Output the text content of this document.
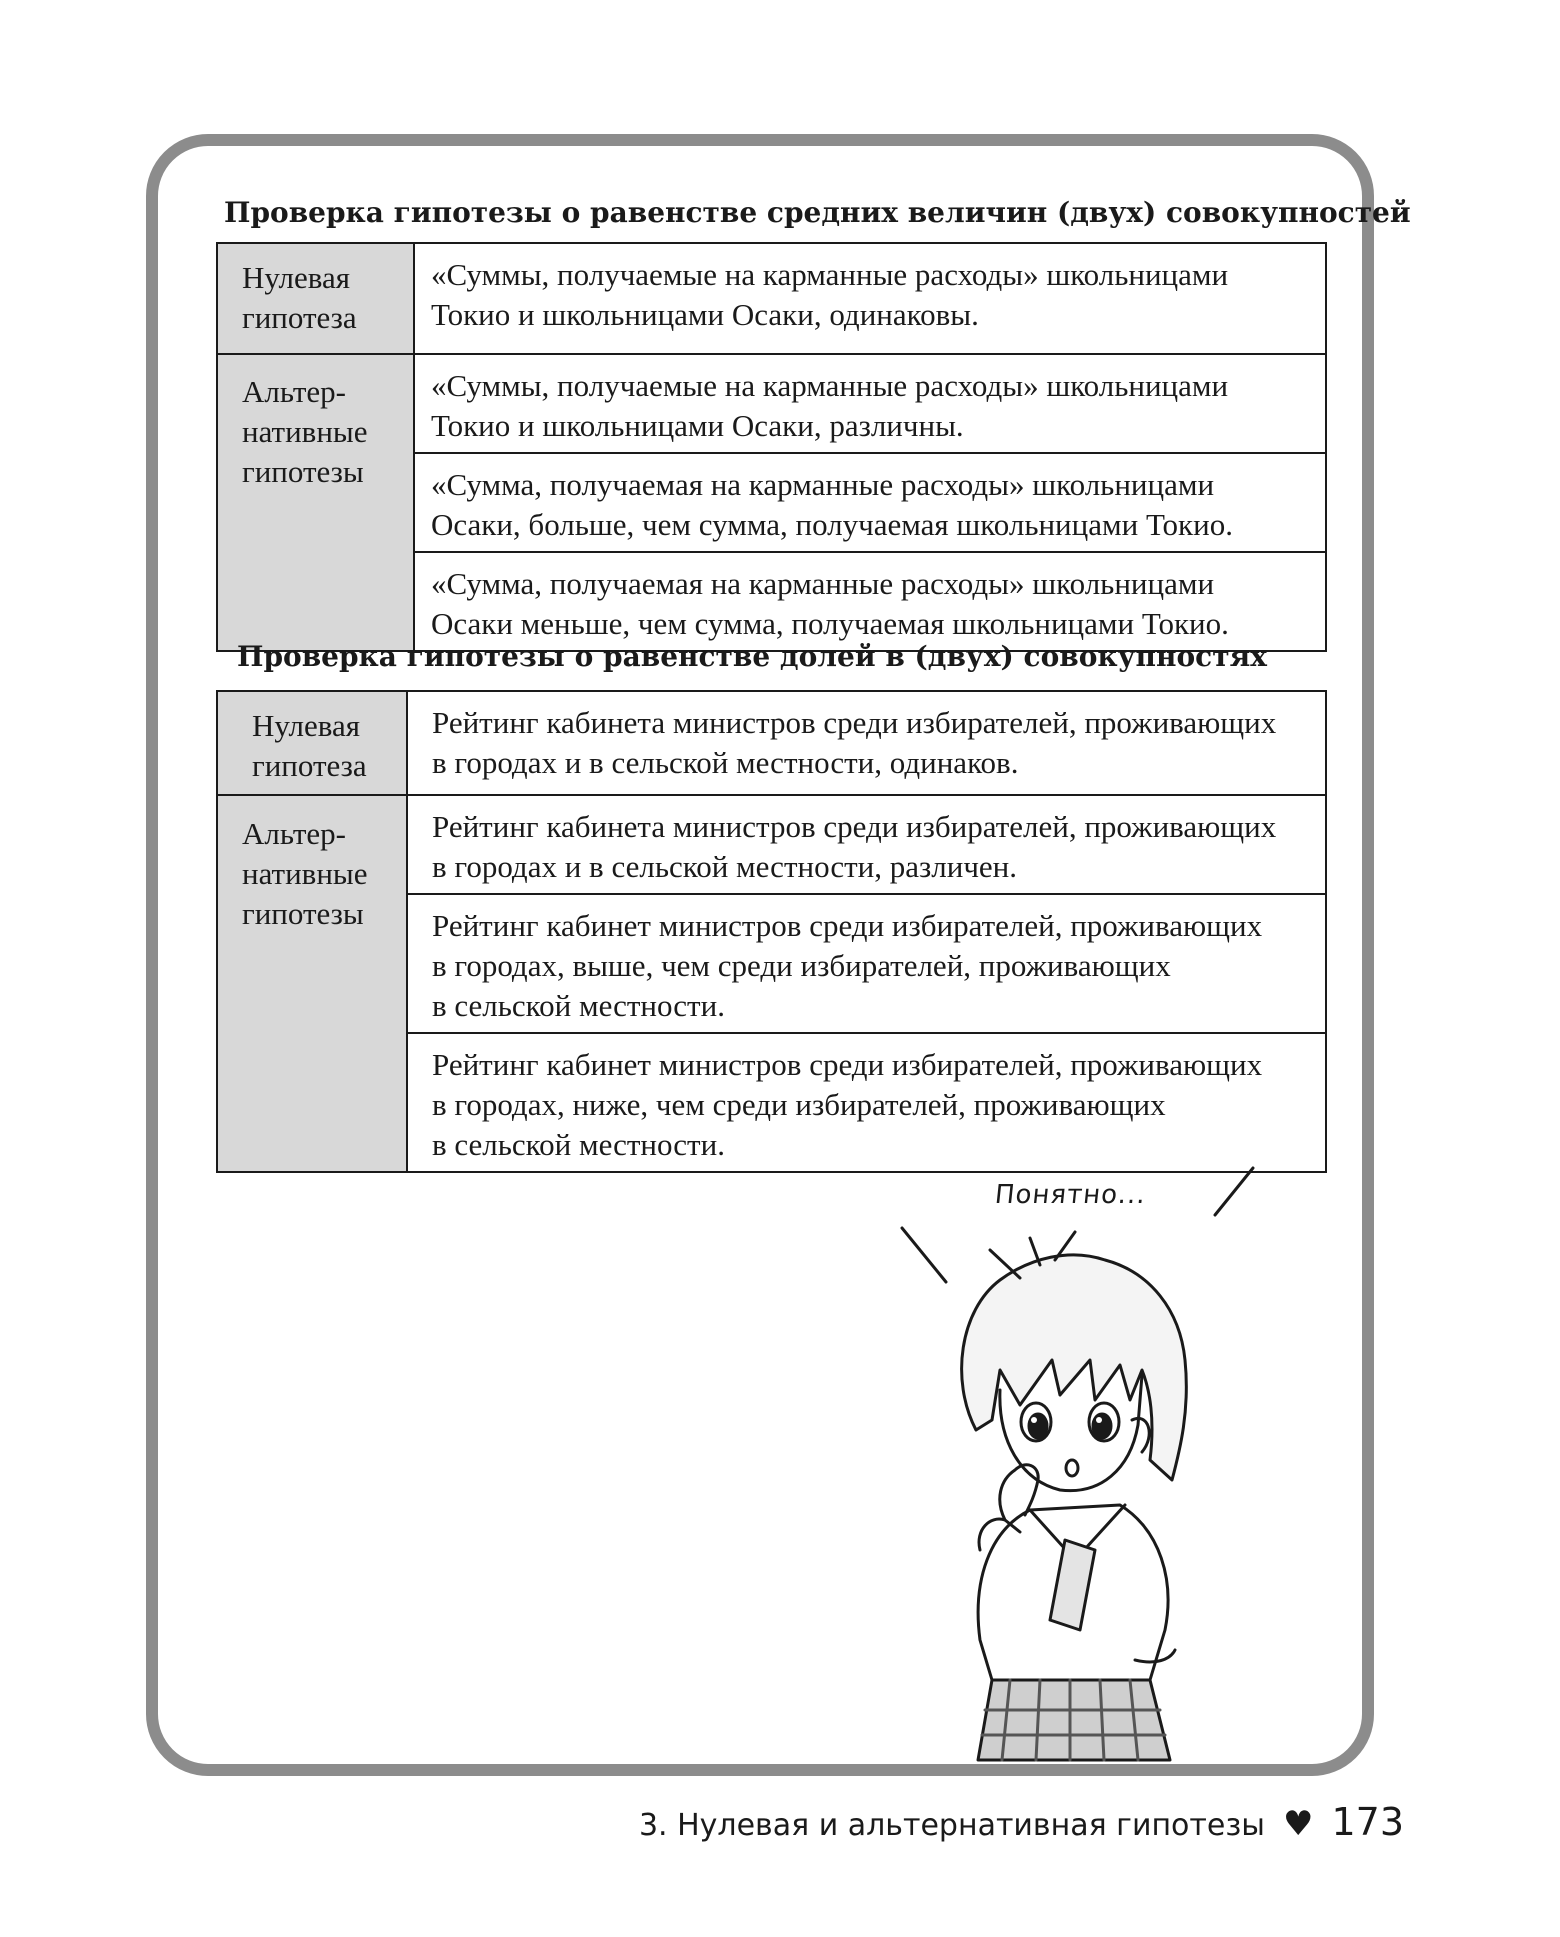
Проверка гипотезы о равенстве средних величин (двух) совокупностей
Нулевая
гипотеза	«Суммы, получаемые на карманные расходы» школьницами
Токио и школьницами Осаки, одинаковы.

Альтер-
нативные
гипотезы	«Суммы, получаемые на карманные расходы» школьницами
Токио и школьницами Осаки, различны.

	«Сумма, получаемая на карманные расходы» школьницами
Осаки, больше, чем сумма, получаемая школьницами Токио.

	«Сумма, получаемая на карманные расходы» школьницами
Осаки меньше, чем сумма, получаемая школьницами Токио.
Проверка гипотезы о равенстве долей в (двух) совокупностях
Нулевая
гипотеза	Рейтинг кабинета министров среди избирателей, проживающих
в городах и в сельской местности, одинаков.

Альтер-
нативные
гипотезы	Рейтинг кабинета министров среди избирателей, проживающих
в городах и в сельской местности, различен.

	Рейтинг кабинет министров среди избирателей, проживающих
в городах, выше, чем среди избирателей, проживающих
в сельской местности.

	Рейтинг кабинет министров среди избирателей, проживающих
в городах, ниже, чем среди избирателей, проживающих
в сельской местности.
Понятно...
3. Нулевая и альтернативная гипотезы ♥ 173
